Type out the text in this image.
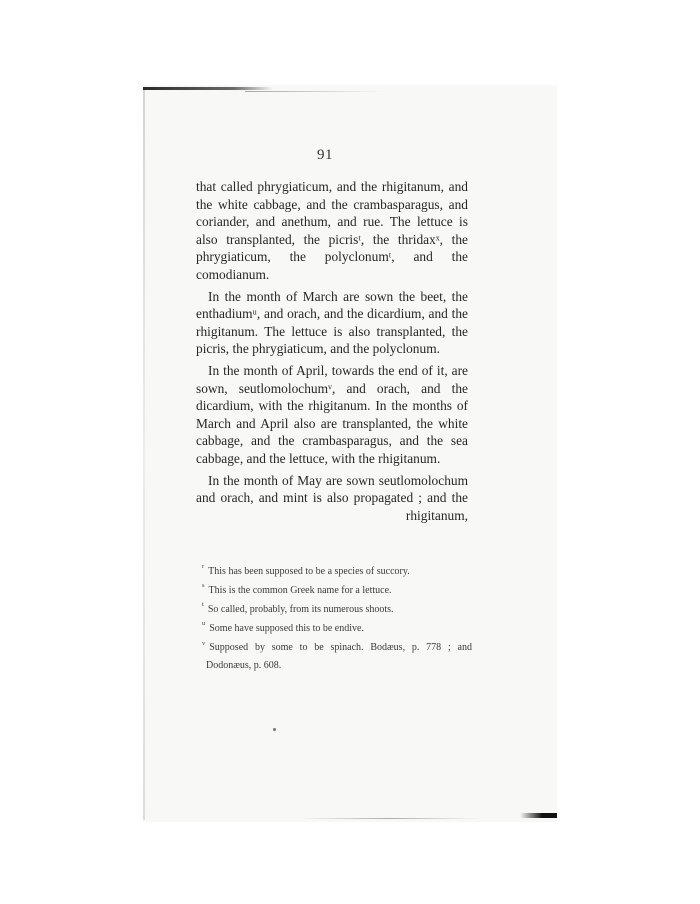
91

that called phrygiaticum, and the rhigitanum, and the white cabbage, and the crambasparagus, and coriander, and anethum, and rue. The lettuce is also transplanted, the picrisᵗ, the thridaxˣ, the phrygiaticum, the polyclonumᵗ, and the comodianum.

In the month of March are sown the beet, the enthadiumᵘ, and orach, and the dicardium, and the rhigitanum. The lettuce is also transplanted, the picris, the phrygiaticum, and the polyclonum.

In the month of April, towards the end of it, are sown, seutlomolochumᵛ, and orach, and the dicardium, with the rhigitanum. In the months of March and April also are transplanted, the white cabbage, and the crambasparagus, and the sea cabbage, and the lettuce, with the rhigitanum.

In the month of May are sown seutlomolochum and orach, and mint is also propagated ; and the rhigitanum,

$^r$ This has been supposed to be a species of succory.

$^s$ This is the common Greek name for a lettuce.

$^t$ So called, probably, from its numerous shoots.

$^u$ Some have supposed this to be endive.

$^v$ Supposed by some to be spinach. Bodæus, p. 778 ; and Dodonæus, p. 608.
